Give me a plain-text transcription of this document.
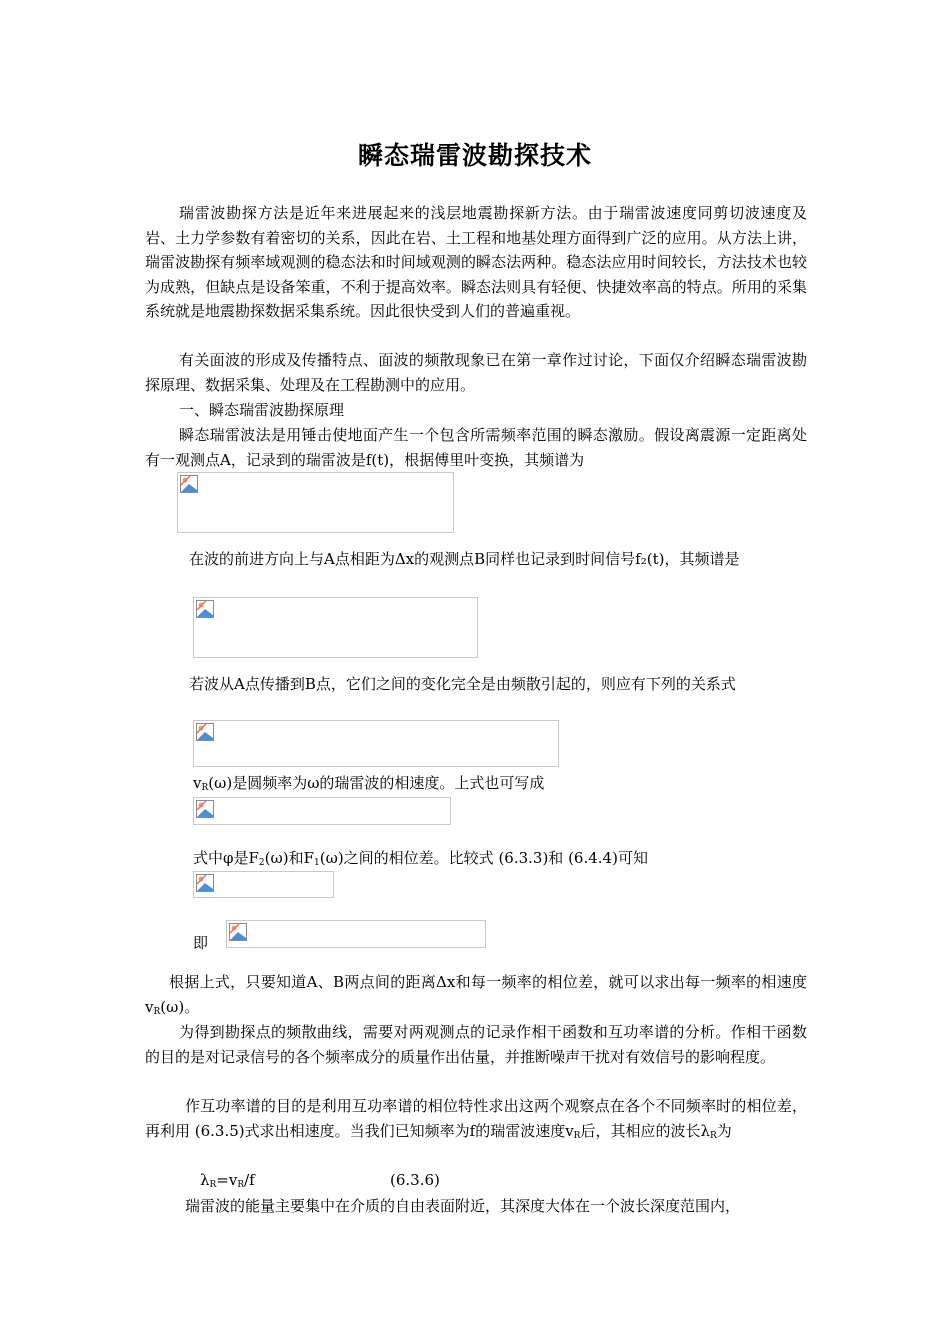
瞬态瑞雷波勘探技术
瑞雷波勘探方法是近年来进展起来的浅层地震勘探新方法。由于瑞雷波速度同剪切波速度及岩、土力学参数有着密切的关系，因此在岩、土工程和地基处理方面得到广泛的应用。从方法上讲，瑞雷波勘探有频率域观测的稳态法和时间域观测的瞬态法两种。稳态法应用时间较长，方法技术也较为成熟，但缺点是设备笨重，不利于提高效率。瞬态法则具有轻便、快捷效率高的特点。所用的采集系统就是地震勘探数据采集系统。因此很快受到人们的普遍重视。
有关面波的形成及传播特点、面波的频散现象已在第一章作过讨论，下面仅介绍瞬态瑞雷波勘探原理、数据采集、处理及在工程勘测中的应用。
一、瞬态瑞雷波勘探原理
瞬态瑞雷波法是用锤击使地面产生一个包含所需频率范围的瞬态激励。假设离震源一定距离处有一观测点A，记录到的瑞雷波是f(t)，根据傅里叶变换，其频谱为
在波的前进方向上与A点相距为Δx的观测点B同样也记录到时间信号f₂(t)，其频谱是
若波从A点传播到B点，它们之间的变化完全是由频散引起的，则应有下列的关系式
$v_R(\omega)$是圆频率为ω的瑞雷波的相速度。上式也可写成
式中φ是$F_2(\omega)$和$F_1(\omega)$之间的相位差。比较式 (6.3.3)和 (6.4.4)可知
即
根据上式，只要知道A、B两点间的距离Δx和每一频率的相位差，就可以求出每一频率的相速度$v_R(\omega)$。
为得到勘探点的频散曲线，需要对两观测点的记录作相干函数和互功率谱的分析。作相干函数的目的是对记录信号的各个频率成分的质量作出估量，并推断噪声干扰对有效信号的影响程度。
作互功率谱的目的是利用互功率谱的相位特性求出这两个观察点在各个不同频率时的相位差，再利用 (6.3.5)式求出相速度。当我们已知频率为f的瑞雷波速度$v_R$后，其相应的波长$\lambda_R$为
$\lambda_R=v_R/f$	(6.3.6)
瑞雷波的能量主要集中在介质的自由表面附近，其深度大体在一个波长深度范围内，
